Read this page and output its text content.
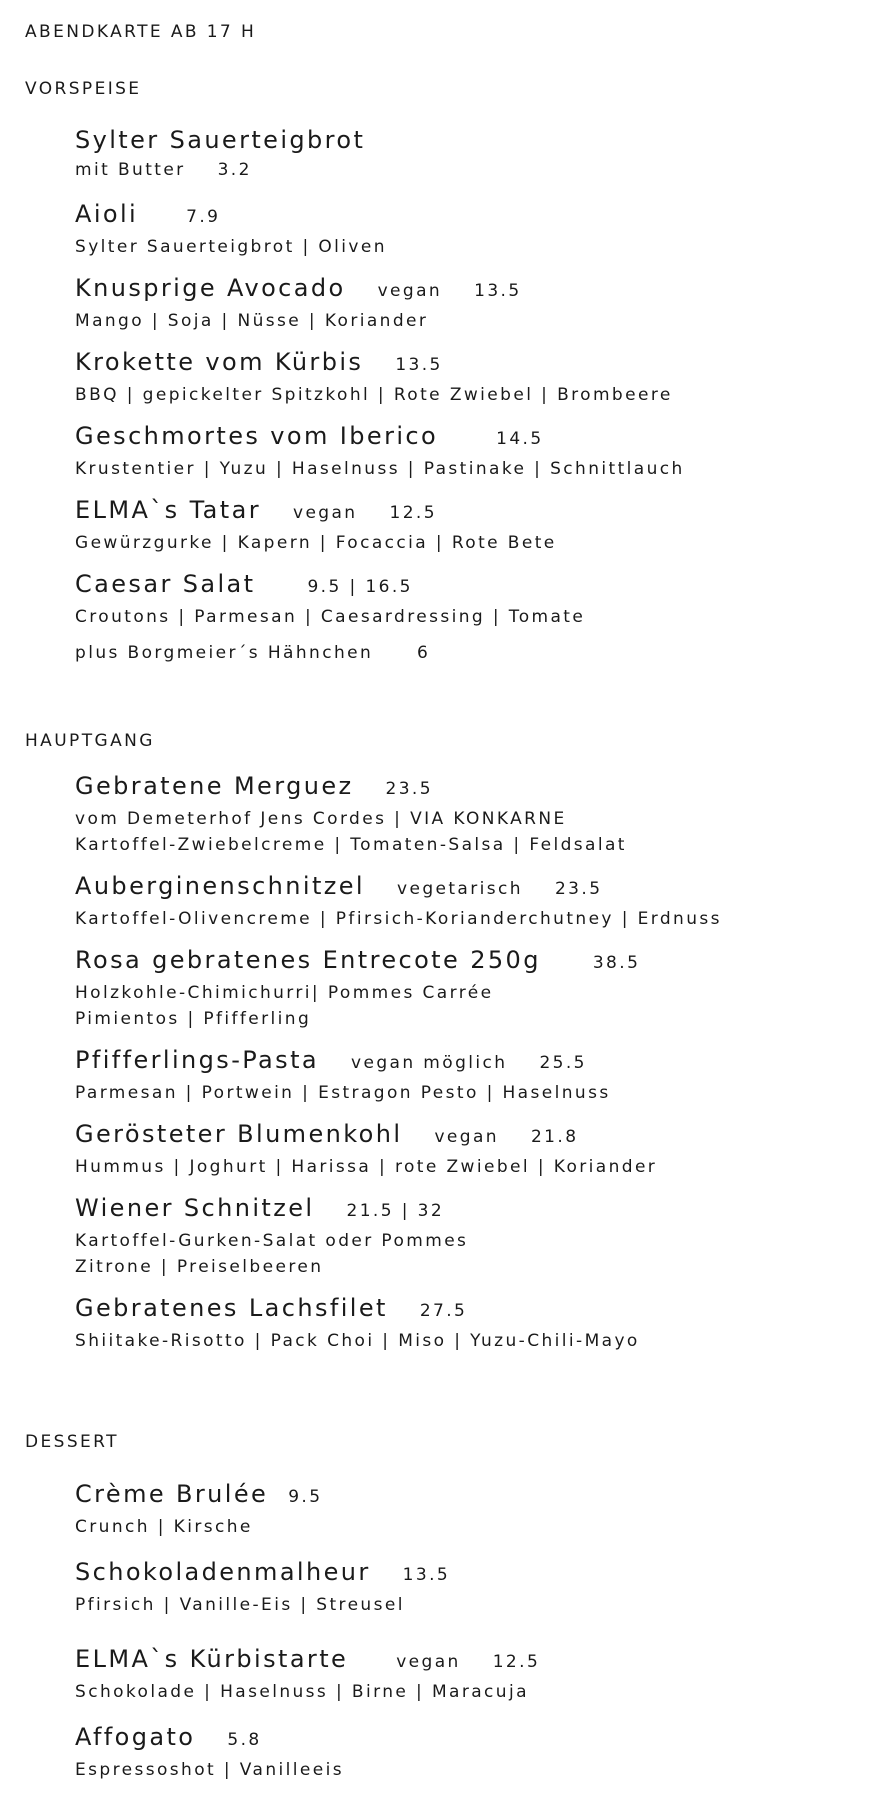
ABENDKARTE AB 17 H
VORSPEISE
Sylter Sauerteigbrot
mit Butter 3.2
Aioli	7.9
Sylter Sauerteigbrot | Oliven
Knusprige Avocado vegan 13.5
Mango | Soja | Nüsse | Koriander
Krokette vom Kürbis 13.5
BBQ | gepickelter Spitzkohl | Rote Zwiebel | Brombeere
Geschmortes vom Iberico	14.5
Krustentier | Yuzu | Haselnuss | Pastinake | Schnittlauch
ELMA`s Tatar vegan 12.5
Gewürzgurke | Kapern | Focaccia | Rote Bete
Caesar Salat	9.5 | 16.5
Croutons | Parmesan | Caesardressing | Tomate
plus Borgmeier´s Hähnchen	6
HAUPTGANG
Gebratene Merguez 23.5
vom Demeterhof Jens Cordes | VIA KONKARNE
Kartoffel-Zwiebelcreme | Tomaten-Salsa | Feldsalat
Auberginenschnitzel vegetarisch 23.5
Kartoffel-Olivencreme | Pfirsich-Korianderchutney | Erdnuss
Rosa gebratenes Entrecote 250g	38.5
Holzkohle-Chimichurri| Pommes Carrée
Pimientos | Pfifferling
Pfifferlings-Pasta vegan möglich 25.5
Parmesan | Portwein | Estragon Pesto | Haselnuss
Gerösteter Blumenkohl vegan 21.8
Hummus | Joghurt | Harissa | rote Zwiebel | Koriander
Wiener Schnitzel 21.5 | 32
Kartoffel-Gurken-Salat oder Pommes
Zitrone | Preiselbeeren
Gebratenes Lachsfilet 27.5
Shiitake-Risotto | Pack Choi | Miso | Yuzu-Chili-Mayo
DESSERT
Crème Brulée 9.5
Crunch | Kirsche
Schokoladenmalheur 13.5
Pfirsich | Vanille-Eis | Streusel
ELMA`s Kürbistarte	vegan 12.5
Schokolade | Haselnuss | Birne | Maracuja
Affogato 5.8
Espressoshot | Vanilleeis
